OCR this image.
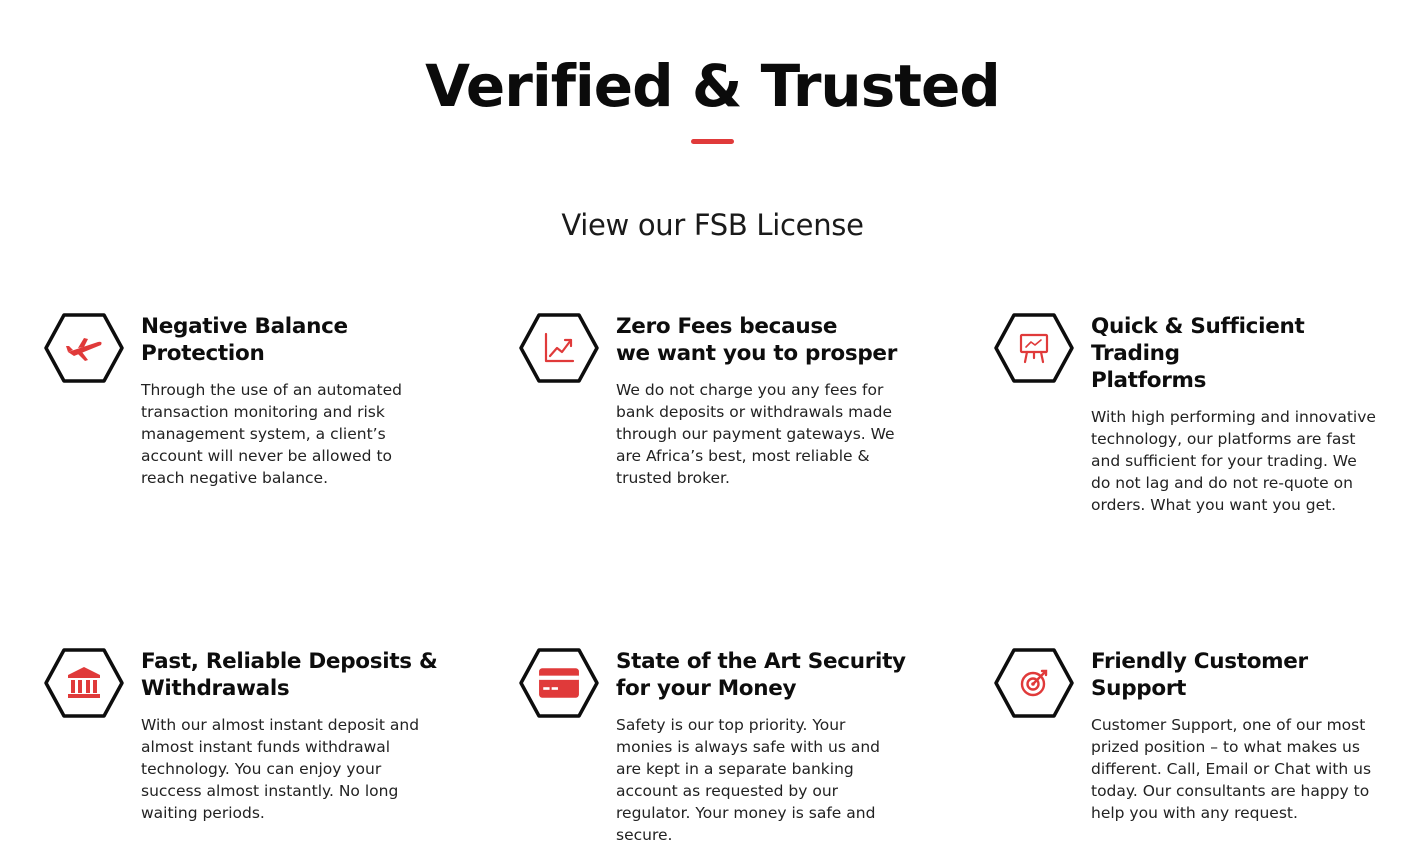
Verified & Trusted
View our FSB License
Negative Balance
Protection
Through the use of an automated
transaction monitoring and risk
management system, a client’s
account will never be allowed to
reach negative balance.
Zero Fees because
we want you to prosper
We do not charge you any fees for
bank deposits or withdrawals made
through our payment gateways. We
are Africa’s best, most reliable &
trusted broker.
Quick & Sufficient
Trading
Platforms
With high performing and innovative
technology, our platforms are fast
and sufficient for your trading. We
do not lag and do not re-quote on
orders. What you want you get.
Fast, Reliable Deposits &
Withdrawals
With our almost instant deposit and
almost instant funds withdrawal
technology. You can enjoy your
success almost instantly. No long
waiting periods.
State of the Art Security
for your Money
Safety is our top priority. Your
monies is always safe with us and
are kept in a separate banking
account as requested by our
regulator. Your money is safe and
secure.
Friendly Customer
Support
Customer Support, one of our most
prized position – to what makes us
different. Call, Email or Chat with us
today. Our consultants are happy to
help you with any request.
